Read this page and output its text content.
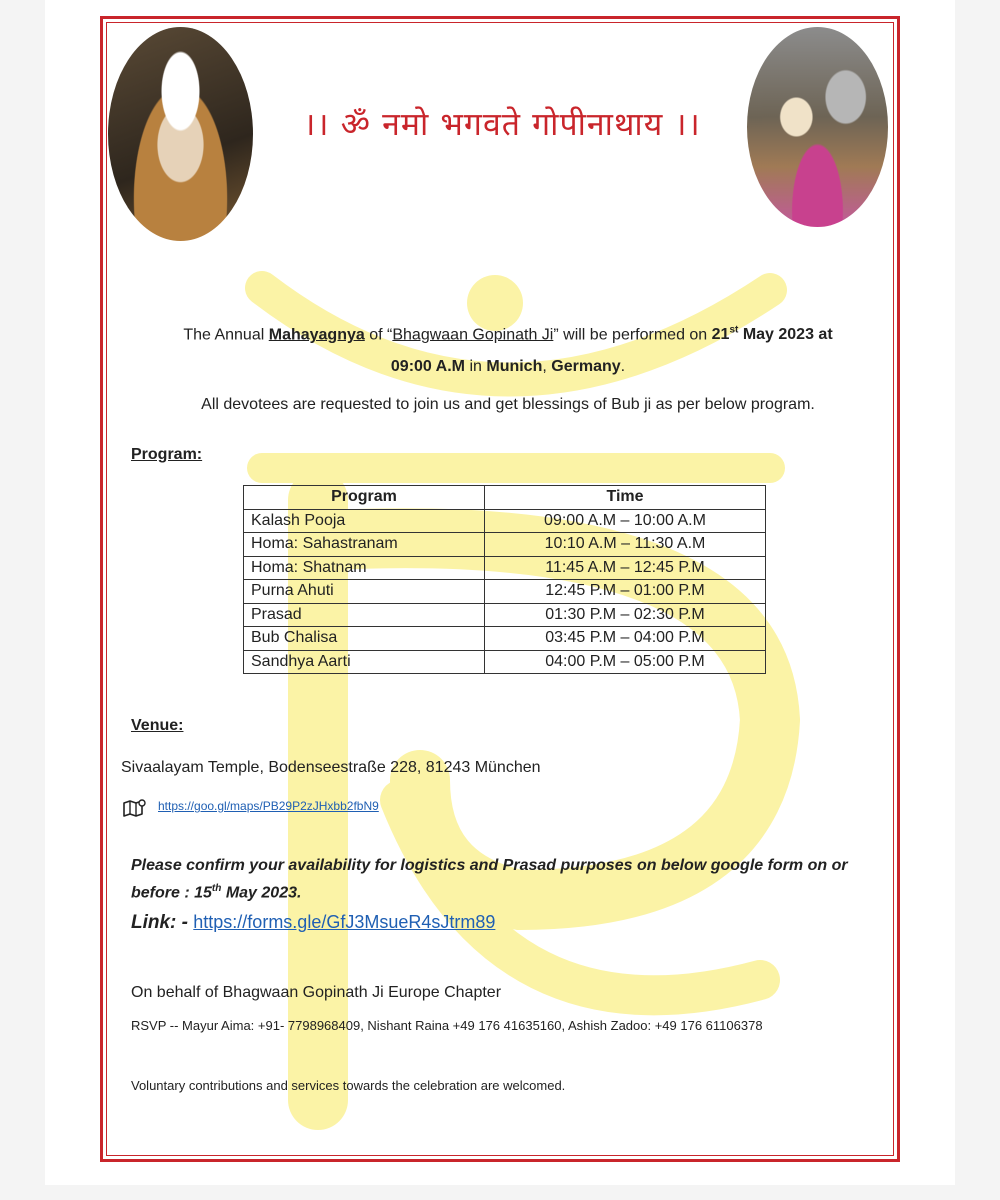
।। ॐ नमो भगवते गोपीनाथाय ।।
The Annual Mahayagnya of “Bhagwaan Gopinath Ji” will be performed on 21st May 2023 at
09:00 A.M in Munich, Germany.
All devotees are requested to join us and get blessings of Bub ji as per below program.
Program:
Program	Time
Kalash Pooja	09:00 A.M – 10:00 A.M
Homa: Sahastranam	10:10 A.M – 11:30 A.M
Homa: Shatnam	11:45 A.M – 12:45 P.M
Purna Ahuti	12:45 P.M – 01:00 P.M
Prasad	01:30 P.M – 02:30 P.M
Bub Chalisa	03:45 P.M – 04:00 P.M
Sandhya Aarti	04:00 P.M – 05:00 P.M
Venue:
Sivaalayam Temple, Bodenseestraße 228, 81243 München
https://goo.gl/maps/PB29P2zJHxbb2fbN9
Please confirm your availability for logistics and Prasad purposes on below google form on or before : 15th May 2023.
Link: - https://forms.gle/GfJ3MsueR4sJtrm89
On behalf of Bhagwaan Gopinath Ji Europe Chapter
RSVP -- Mayur Aima: +91- 7798968409, Nishant Raina +49 176 41635160, Ashish Zadoo: +49 176 61106378
Voluntary contributions and services towards the celebration are welcomed.
